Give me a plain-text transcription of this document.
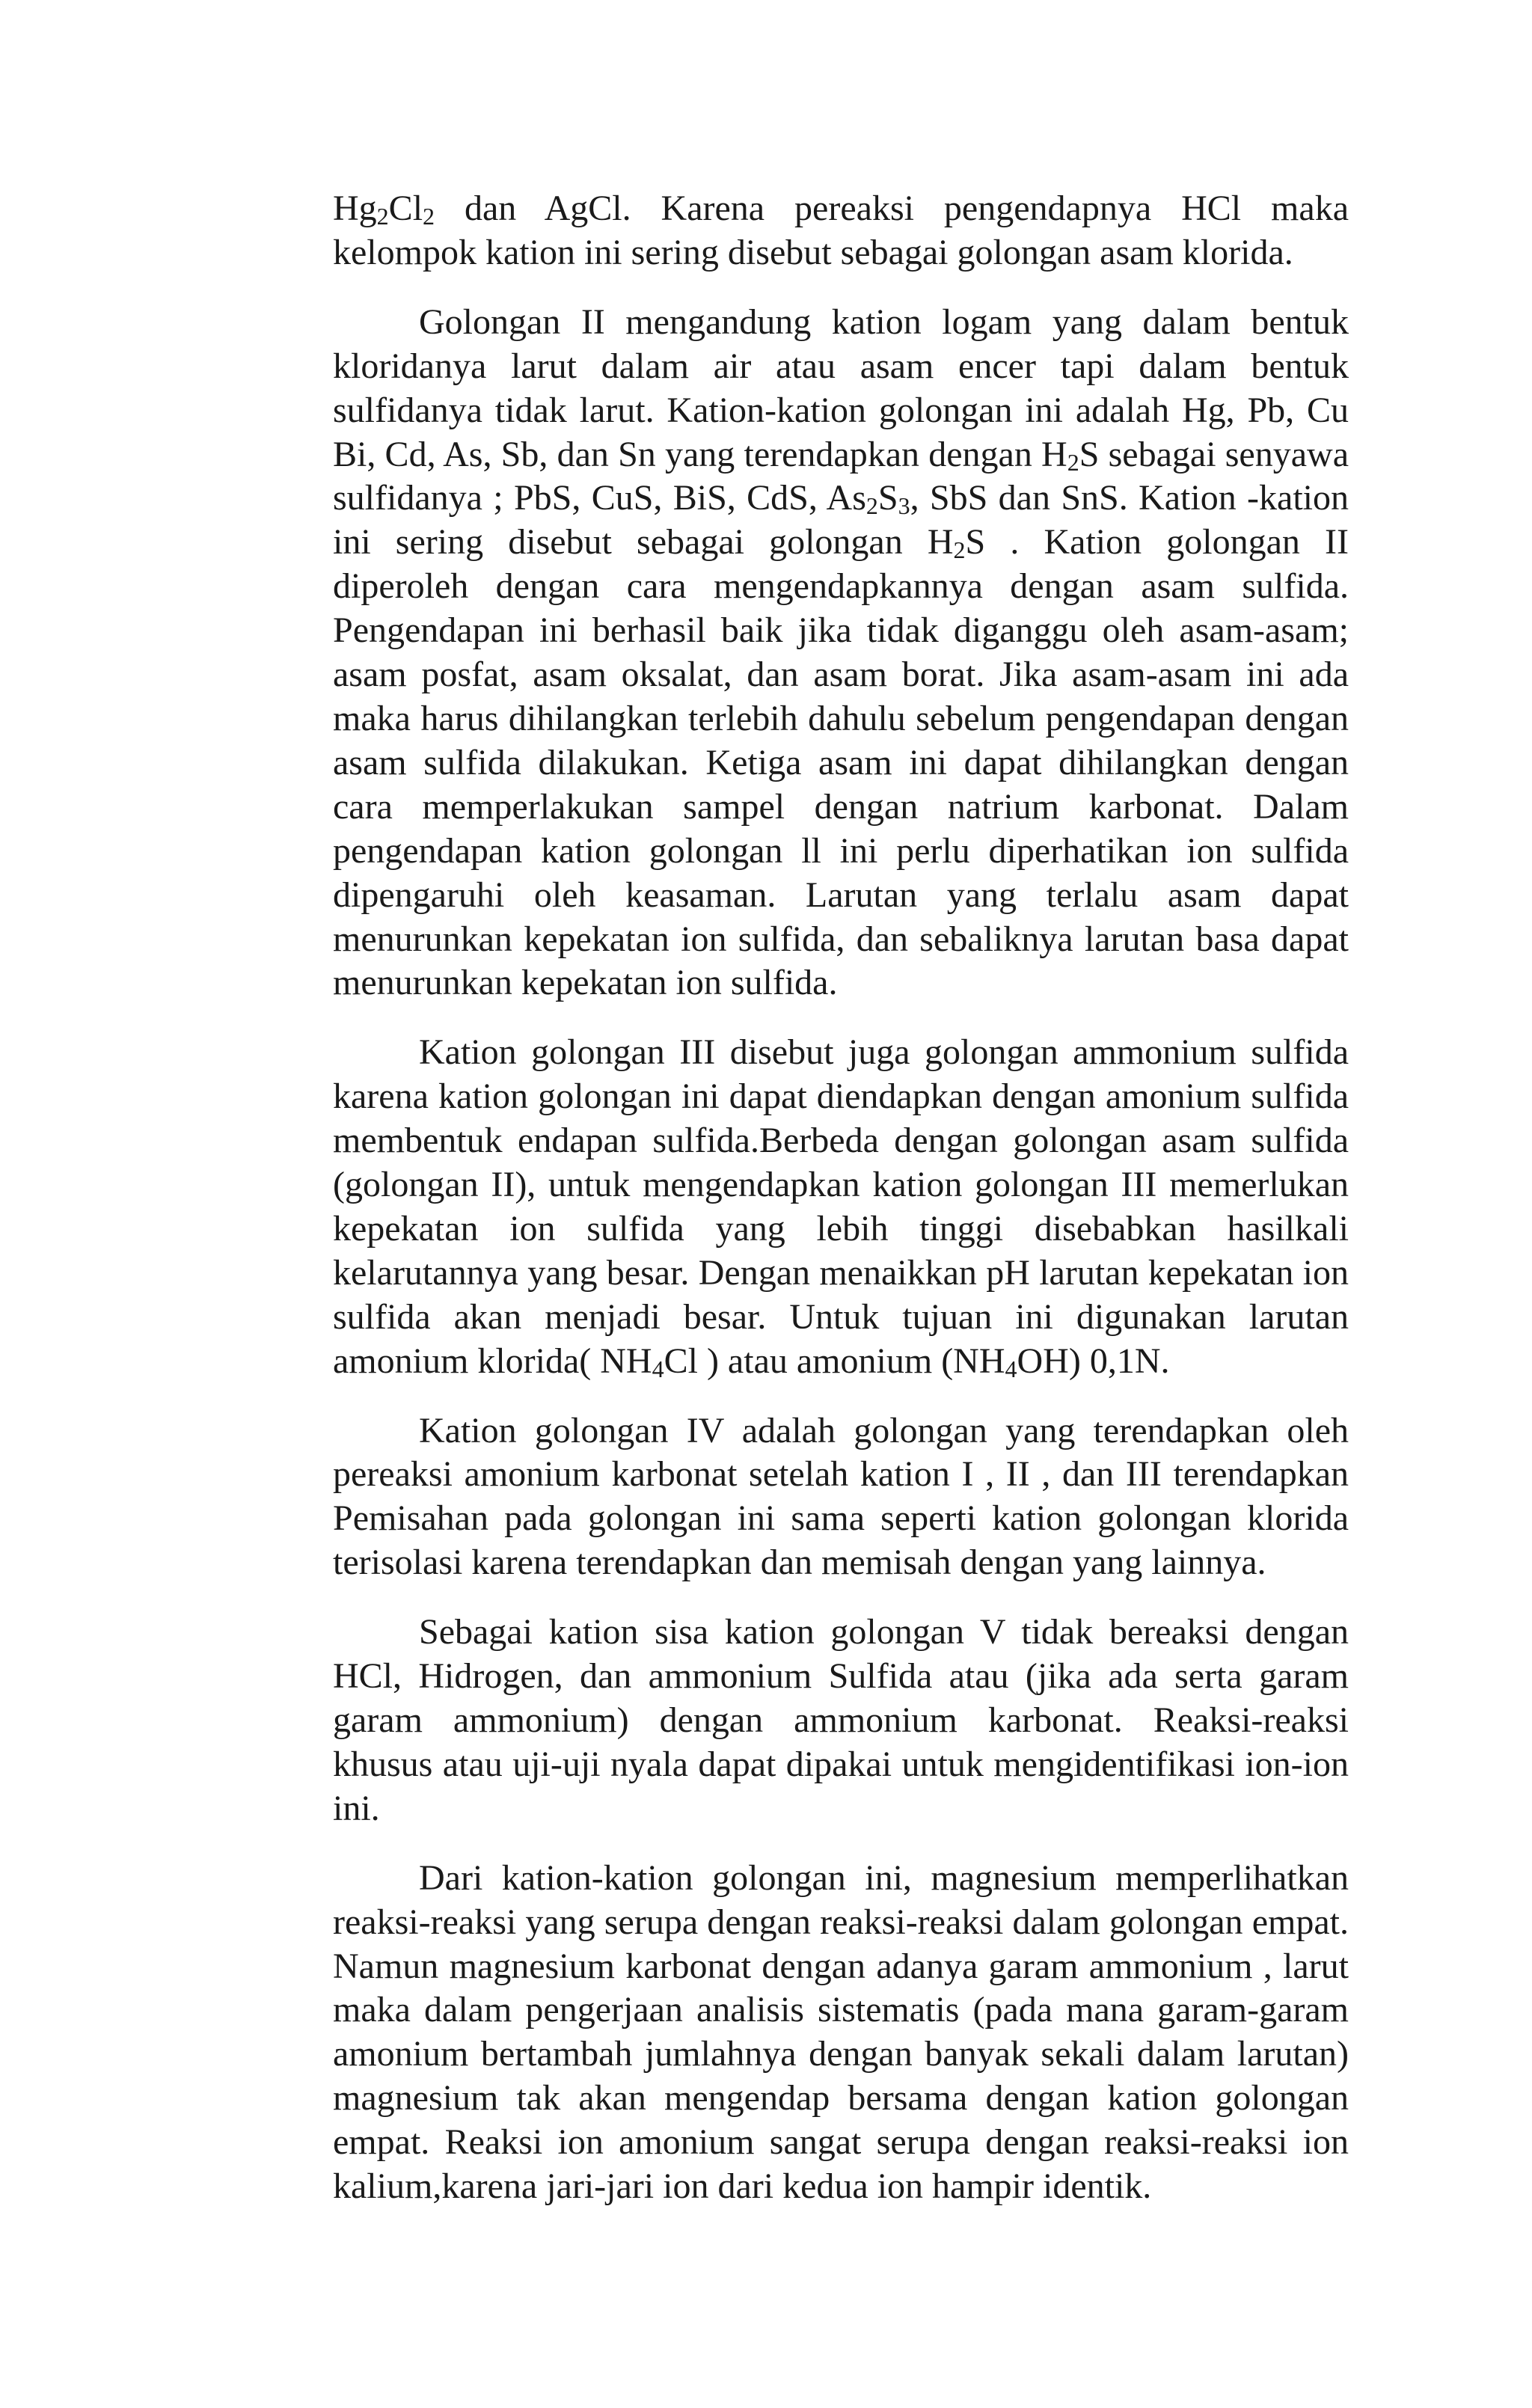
Hg2Cl2 dan AgCl. Karena pereaksi pengendapnya HCl maka kelompok kation ini sering disebut sebagai golongan asam klorida.

Golongan II mengandung kation logam yang dalam bentuk kloridanya larut dalam air atau asam encer tapi dalam bentuk sulfidanya tidak larut. Kation-kation golongan ini adalah Hg, Pb, Cu Bi, Cd, As, Sb, dan Sn yang terendapkan dengan H2S sebagai senyawa sulfidanya ; PbS, CuS, BiS, CdS, As2S3, SbS dan SnS. Kation -kation ini sering disebut sebagai golongan H2S . Kation golongan II diperoleh dengan cara mengendapkannya dengan asam sulfida. Pengendapan ini berhasil baik jika tidak diganggu oleh asam-asam; asam posfat, asam oksalat, dan asam borat. Jika asam-asam ini ada maka harus dihilangkan terlebih dahulu sebelum pengendapan dengan asam sulfida dilakukan. Ketiga asam ini dapat dihilangkan dengan cara memperlakukan sampel dengan natrium karbonat. Dalam pengendapan kation golongan ll ini perlu diperhatikan ion sulfida dipengaruhi oleh keasaman. Larutan yang terlalu asam dapat menurunkan kepekatan ion sulfida, dan sebaliknya larutan basa dapat menurunkan kepekatan ion sulfida.

Kation golongan III disebut juga golongan ammonium sulfida karena kation golongan ini dapat diendapkan dengan amonium sulfida membentuk endapan sulfida.Berbeda dengan golongan asam sulfida (golongan II), untuk mengendapkan kation golongan III memerlukan kepekatan ion sulfida yang lebih tinggi disebabkan hasilkali kelarutannya yang besar. Dengan menaikkan pH larutan kepekatan ion sulfida akan menjadi besar. Untuk tujuan ini digunakan larutan amonium klorida( NH4Cl ) atau amonium (NH4OH) 0,1N.

Kation golongan IV adalah golongan yang terendapkan oleh pereaksi amonium karbonat setelah kation I , II , dan III terendapkan Pemisahan pada golongan ini sama seperti kation golongan klorida terisolasi karena terendapkan dan memisah dengan yang lainnya.

Sebagai kation sisa kation golongan V tidak bereaksi dengan HCl, Hidrogen, dan ammonium Sulfida atau (jika ada serta garam garam ammonium) dengan ammonium karbonat. Reaksi-reaksi khusus atau uji-uji nyala dapat dipakai untuk mengidentifikasi ion-ion ini.

Dari kation-kation golongan ini, magnesium memperlihatkan reaksi-reaksi yang serupa dengan reaksi-reaksi dalam golongan empat. Namun magnesium karbonat dengan adanya garam ammonium , larut maka dalam pengerjaan analisis sistematis (pada mana garam-garam amonium bertambah jumlahnya dengan banyak sekali dalam larutan) magnesium tak akan mengendap bersama dengan kation golongan empat. Reaksi ion amonium sangat serupa dengan reaksi-reaksi ion kalium,karena jari-jari ion dari kedua ion hampir identik.
